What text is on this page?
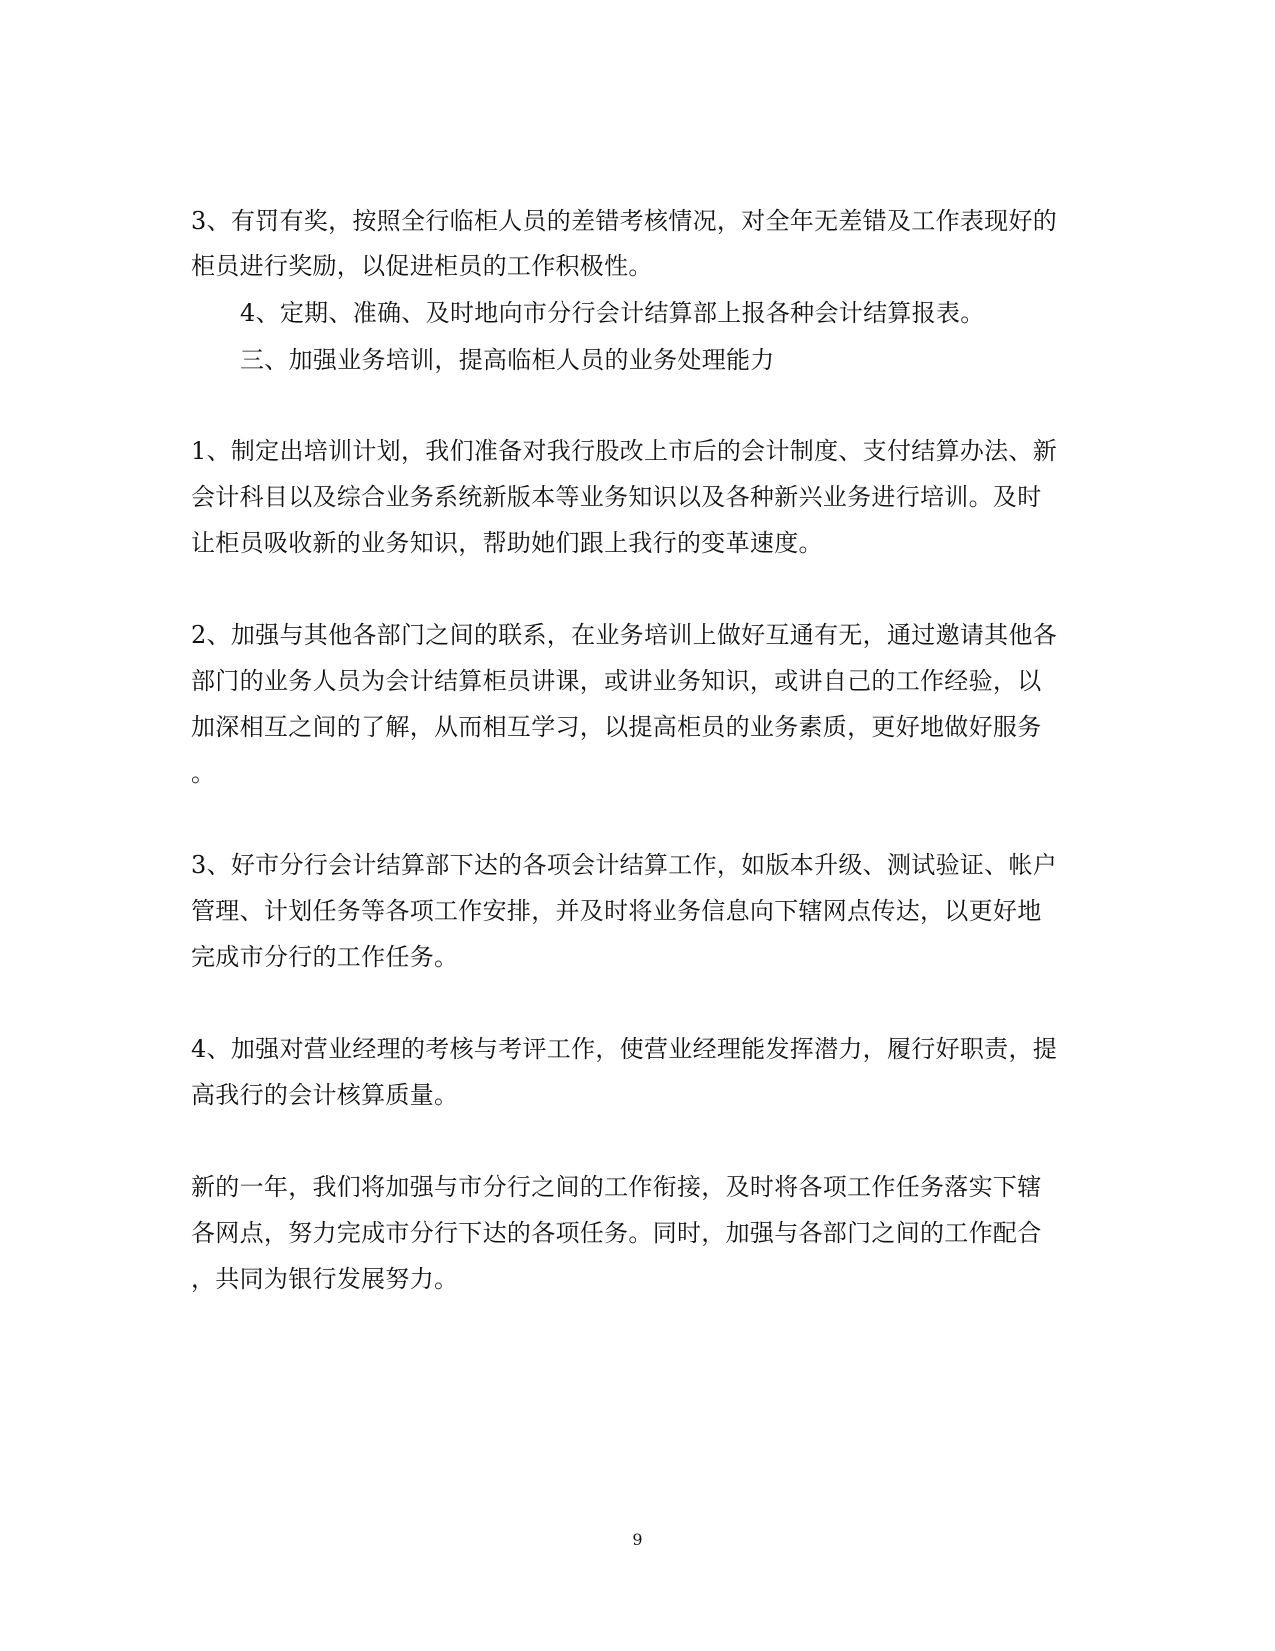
3、有罚有奖，按照全行临柜人员的差错考核情况，对全年无差错及工作表现好的
柜员进行奖励，以促进柜员的工作积极性。
4、定期、准确、及时地向市分行会计结算部上报各种会计结算报表。
三、加强业务培训，提高临柜人员的业务处理能力
1、制定出培训计划，我们准备对我行股改上市后的会计制度、支付结算办法、新
会计科目以及综合业务系统新版本等业务知识以及各种新兴业务进行培训。及时
让柜员吸收新的业务知识，帮助她们跟上我行的变革速度。
2、加强与其他各部门之间的联系，在业务培训上做好互通有无，通过邀请其他各
部门的业务人员为会计结算柜员讲课，或讲业务知识，或讲自己的工作经验，以
加深相互之间的了解，从而相互学习，以提高柜员的业务素质，更好地做好服务
。
3、好市分行会计结算部下达的各项会计结算工作，如版本升级、测试验证、帐户
管理、计划任务等各项工作安排，并及时将业务信息向下辖网点传达，以更好地
完成市分行的工作任务。
4、加强对营业经理的考核与考评工作，使营业经理能发挥潜力，履行好职责，提
高我行的会计核算质量。
新的一年，我们将加强与市分行之间的工作衔接，及时将各项工作任务落实下辖
各网点，努力完成市分行下达的各项任务。同时，加强与各部门之间的工作配合
，共同为银行发展努力。
9
